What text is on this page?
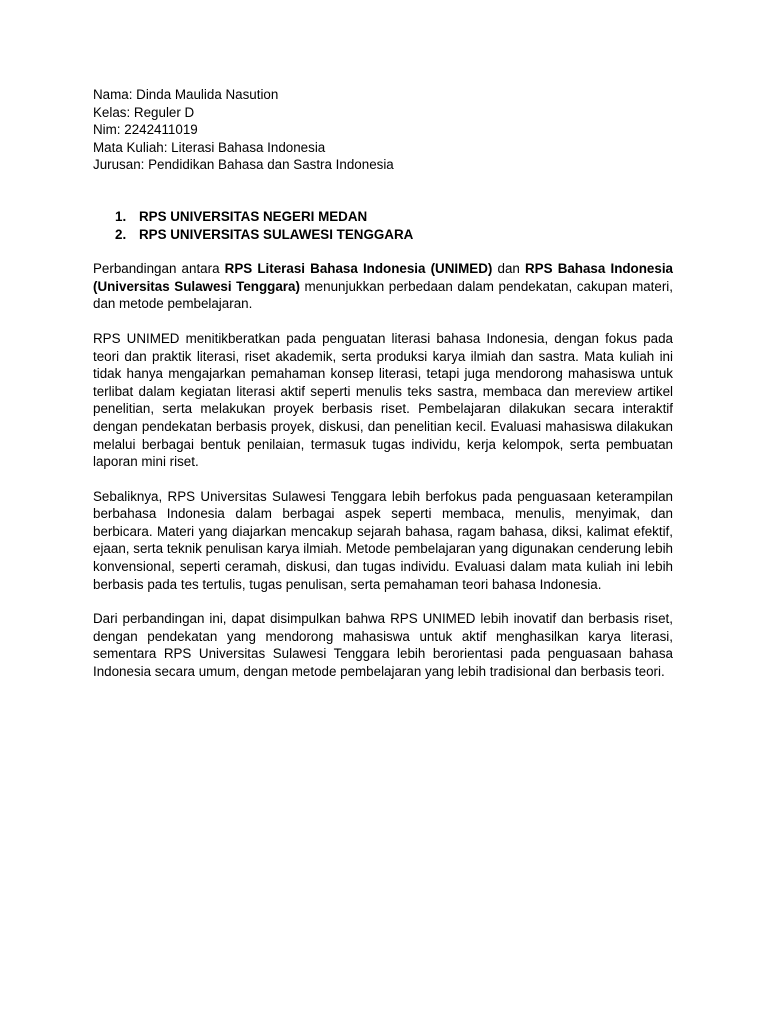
Nama: Dinda Maulida Nasution
Kelas: Reguler D
Nim: 2242411019
Mata Kuliah: Literasi Bahasa Indonesia
Jurusan: Pendidikan Bahasa dan Sastra Indonesia
1. RPS UNIVERSITAS NEGERI MEDAN
2. RPS UNIVERSITAS SULAWESI TENGGARA

Perbandingan antara RPS Literasi Bahasa Indonesia (UNIMED) dan RPS Bahasa Indonesia (Universitas Sulawesi Tenggara) menunjukkan perbedaan dalam pendekatan, cakupan materi, dan metode pembelajaran.

RPS UNIMED menitikberatkan pada penguatan literasi bahasa Indonesia, dengan fokus pada teori dan praktik literasi, riset akademik, serta produksi karya ilmiah dan sastra. Mata kuliah ini tidak hanya mengajarkan pemahaman konsep literasi, tetapi juga mendorong mahasiswa untuk terlibat dalam kegiatan literasi aktif seperti menulis teks sastra, membaca dan mereview artikel penelitian, serta melakukan proyek berbasis riset. Pembelajaran dilakukan secara interaktif dengan pendekatan berbasis proyek, diskusi, dan penelitian kecil. Evaluasi mahasiswa dilakukan melalui berbagai bentuk penilaian, termasuk tugas individu, kerja kelompok, serta pembuatan laporan mini riset.

Sebaliknya, RPS Universitas Sulawesi Tenggara lebih berfokus pada penguasaan keterampilan berbahasa Indonesia dalam berbagai aspek seperti membaca, menulis, menyimak, dan berbicara. Materi yang diajarkan mencakup sejarah bahasa, ragam bahasa, diksi, kalimat efektif, ejaan, serta teknik penulisan karya ilmiah. Metode pembelajaran yang digunakan cenderung lebih konvensional, seperti ceramah, diskusi, dan tugas individu. Evaluasi dalam mata kuliah ini lebih berbasis pada tes tertulis, tugas penulisan, serta pemahaman teori bahasa Indonesia.

Dari perbandingan ini, dapat disimpulkan bahwa RPS UNIMED lebih inovatif dan berbasis riset, dengan pendekatan yang mendorong mahasiswa untuk aktif menghasilkan karya literasi, sementara RPS Universitas Sulawesi Tenggara lebih berorientasi pada penguasaan bahasa Indonesia secara umum, dengan metode pembelajaran yang lebih tradisional dan berbasis teori.
